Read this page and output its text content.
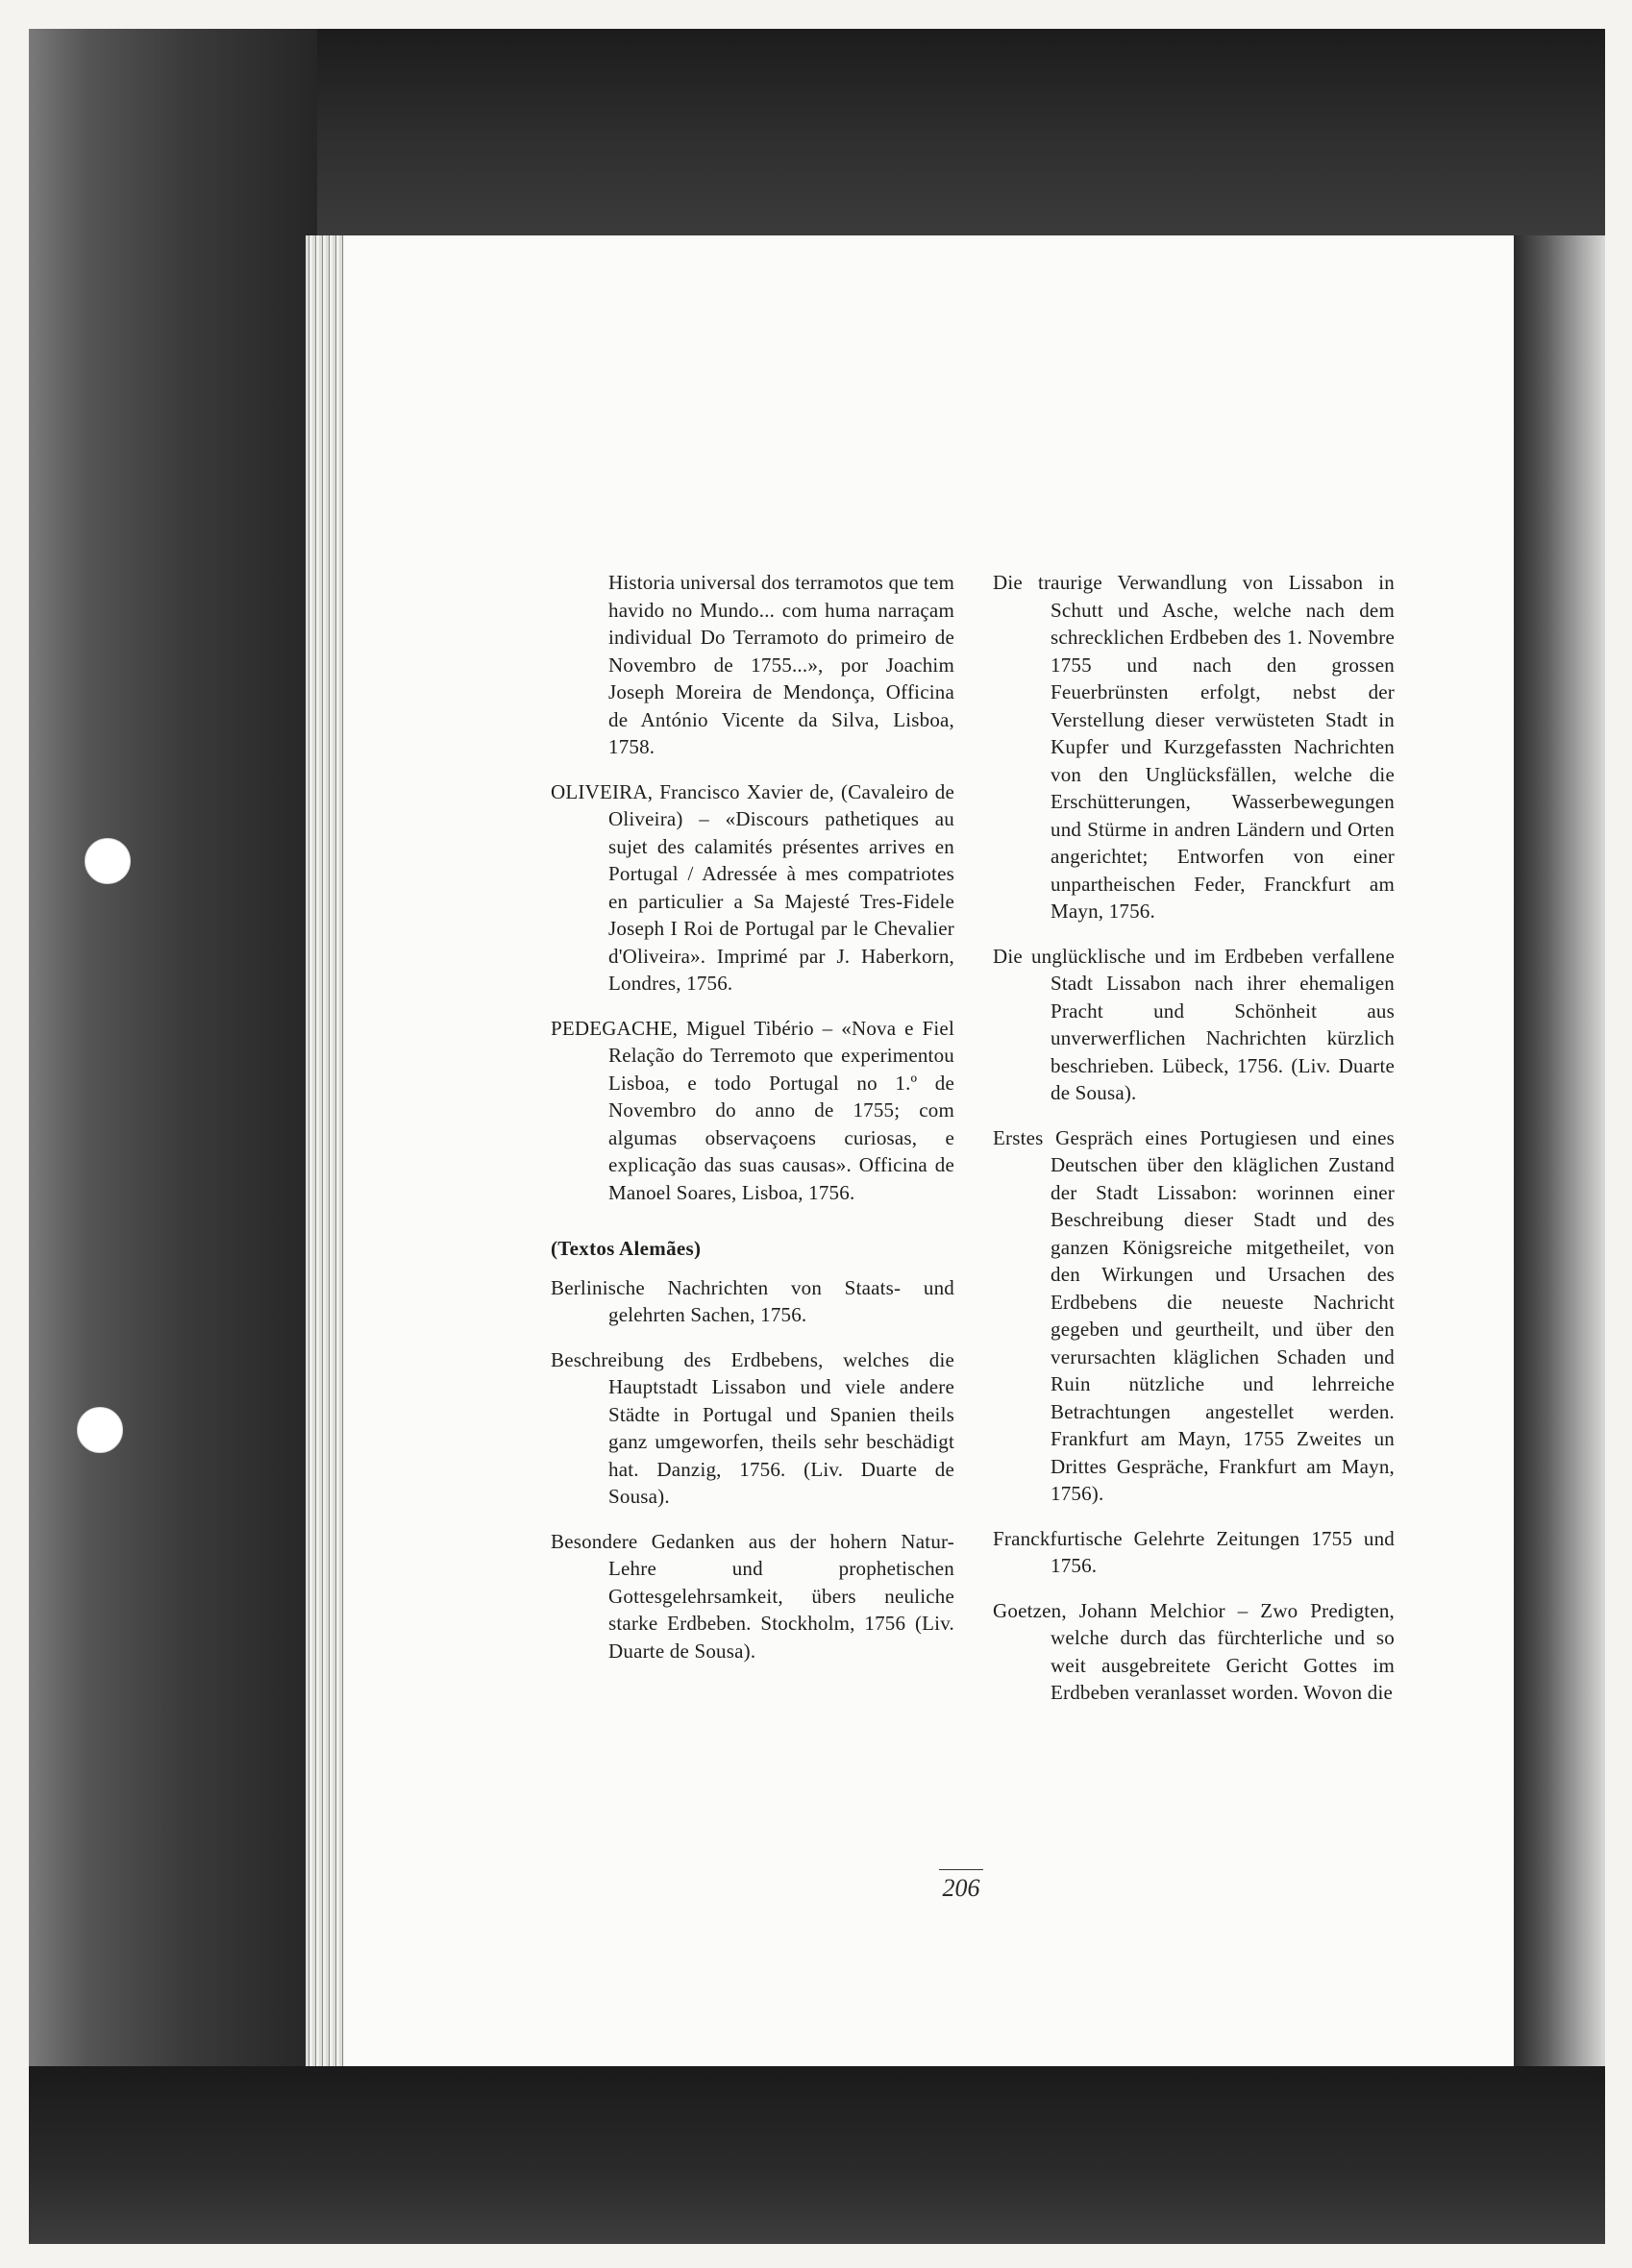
Historia universal dos terramotos que tem havido no Mundo... com huma narraçam individual Do Terramoto do primeiro de Novembro de 1755...», por Joachim Joseph Moreira de Mendonça, Officina de António Vicente da Silva, Lisboa, 1758.

OLIVEIRA, Francisco Xavier de, (Cavaleiro de Oliveira) – «Discours pathetiques au sujet des calamités présentes arrives en Portugal / Adressée à mes compatriotes en particulier a Sa Majesté Tres-Fidele Joseph I Roi de Portugal par le Chevalier d'Oliveira». Imprimé par J. Haberkorn, Londres, 1756.

PEDEGACHE, Miguel Tibério – «Nova e Fiel Relação do Terremoto que experimentou Lisboa, e todo Portugal no 1.º de Novembro do anno de 1755; com algumas observaçoens curiosas, e explicação das suas causas». Officina de Manoel Soares, Lisboa, 1756.

(Textos Alemães)

Berlinische Nachrichten von Staats- und gelehrten Sachen, 1756.

Beschreibung des Erdbebens, welches die Hauptstadt Lissabon und viele andere Städte in Portugal und Spanien theils ganz umgeworfen, theils sehr beschädigt hat. Danzig, 1756. (Liv. Duarte de Sousa).

Besondere Gedanken aus der hohern Natur-Lehre und prophetischen Gottesgelehrsamkeit, übers neuliche starke Erdbeben. Stockholm, 1756 (Liv. Duarte de Sousa).

Die traurige Verwandlung von Lissabon in Schutt und Asche, welche nach dem schrecklichen Erdbeben des 1. Novembre 1755 und nach den grossen Feuerbrünsten erfolgt, nebst der Verstellung dieser verwüsteten Stadt in Kupfer und Kurzgefassten Nachrichten von den Unglücksfällen, welche die Erschütterungen, Wasserbewegungen und Stürme in andren Ländern und Orten angerichtet; Entworfen von einer unpartheischen Feder, Franckfurt am Mayn, 1756.

Die unglücklische und im Erdbeben verfallene Stadt Lissabon nach ihrer ehemaligen Pracht und Schönheit aus unverwerflichen Nachrichten kürzlich beschrieben. Lübeck, 1756. (Liv. Duarte de Sousa).

Erstes Gespräch eines Portugiesen und eines Deutschen über den kläglichen Zustand der Stadt Lissabon: worinnen einer Beschreibung dieser Stadt und des ganzen Königsreiche mitgetheilet, von den Wirkungen und Ursachen des Erdbebens die neueste Nachricht gegeben und geurtheilt, und über den verursachten kläglichen Schaden und Ruin nützliche und lehrreiche Betrachtungen angestellet werden. Frankfurt am Mayn, 1755 Zweites un Drittes Gespräche, Frankfurt am Mayn, 1756).

Franckfurtische Gelehrte Zeitungen 1755 und 1756.

Goetzen, Johann Melchior – Zwo Predigten, welche durch das fürchterliche und so weit ausgebreitete Gericht Gottes im Erdbeben veranlasset worden. Wovon die

206
